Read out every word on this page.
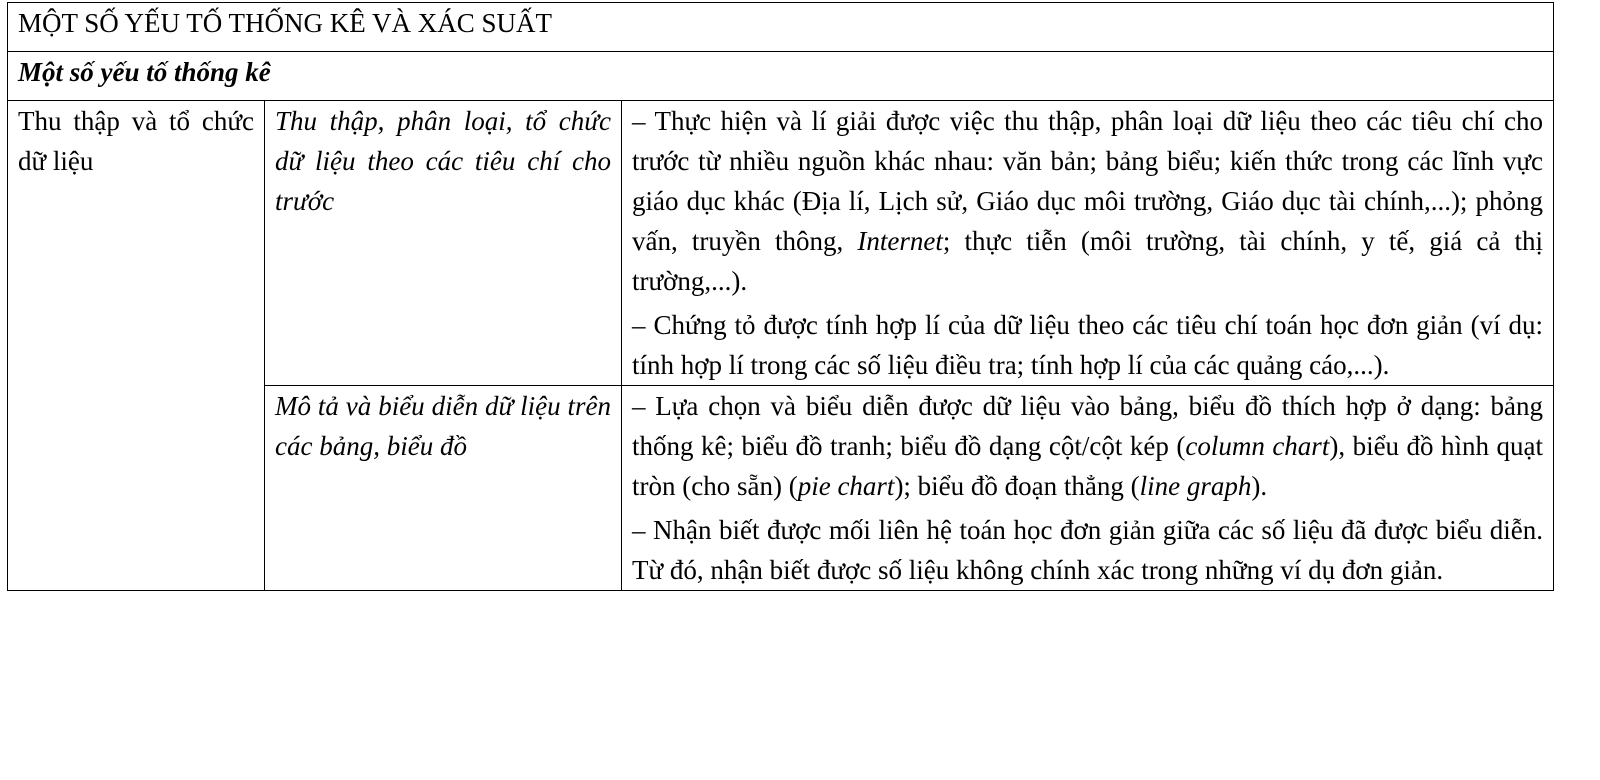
MỘT SỐ YẾU TỐ THỐNG KÊ VÀ XÁC SUẤT		
Một số yếu tố thống kê		
Thu thập và tổ chức dữ liệu	Thu thập, phân loại, tổ chức dữ liệu theo các tiêu chí cho trước	– Thực hiện và lí giải được việc thu thập, phân loại dữ liệu theo các tiêu chí cho trước từ nhiều nguồn khác nhau: văn bản; bảng biểu; kiến thức trong các lĩnh vực giáo dục khác (Địa lí, Lịch sử, Giáo dục môi trường, Giáo dục tài chính,...); phỏng vấn, truyền thông, Internet; thực tiễn (môi trường, tài chính, y tế, giá cả thị trường,...).

– Chứng tỏ được tính hợp lí của dữ liệu theo các tiêu chí toán học đơn giản (ví dụ: tính hợp lí trong các số liệu điều tra; tính hợp lí của các quảng cáo,...).

	Mô tả và biểu diễn dữ liệu trên các bảng, biểu đồ	– Lựa chọn và biểu diễn được dữ liệu vào bảng, biểu đồ thích hợp ở dạng: bảng thống kê; biểu đồ tranh; biểu đồ dạng cột/cột kép (column chart), biểu đồ hình quạt tròn (cho sẵn) (pie chart); biểu đồ đoạn thẳng (line graph).

– Nhận biết được mối liên hệ toán học đơn giản giữa các số liệu đã được biểu diễn. Từ đó, nhận biết được số liệu không chính xác trong những ví dụ đơn giản.
